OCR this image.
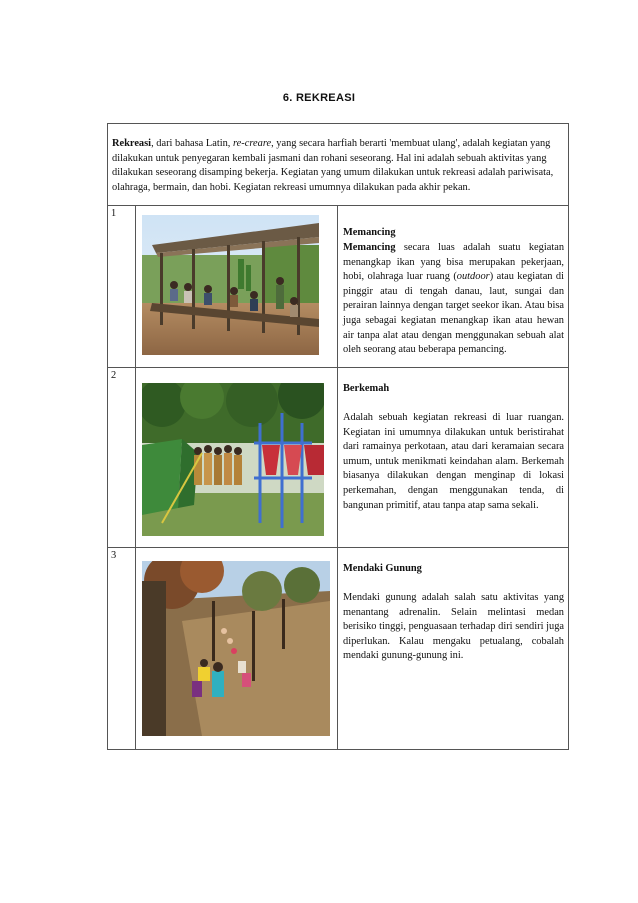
6. REKREASI
Rekreasi, dari bahasa Latin, re-creare, yang secara harfiah berarti 'membuat ulang', adalah kegiatan yang dilakukan untuk penyegaran kembali jasmani dan rohani seseorang. Hal ini adalah sebuah aktivitas yang dilakukan seseorang disamping bekerja. Kegiatan yang umum dilakukan untuk rekreasi adalah pariwisata, olahraga, bermain, dan hobi. Kegiatan rekreasi umumnya dilakukan pada akhir pekan.		
1		Memancing
Memancing secara luas adalah suatu kegiatan menangkap ikan yang bisa merupakan pekerjaan, hobi, olahraga luar ruang (outdoor) atau kegiatan di pinggir atau di tengah danau, laut, sungai dan perairan lainnya dengan target seekor ikan. Atau bisa juga sebagai kegiatan menangkap ikan atau hewan air tanpa alat atau dengan menggunakan sebuah alat oleh seorang atau beberapa pemancing.

2		Berkemah
Adalah sebuah kegiatan rekreasi di luar ruangan. Kegiatan ini umumnya dilakukan untuk beristirahat dari ramainya perkotaan, atau dari keramaian secara umum, untuk menikmati keindahan alam. Berkemah biasanya dilakukan dengan menginap di lokasi perkemahan, dengan menggunakan tenda, di bangunan primitif, atau tanpa atap sama sekali.

3		Mendaki Gunung
Mendaki gunung adalah salah satu aktivitas yang menantang adrenalin. Selain melintasi medan berisiko tinggi, penguasaan terhadap diri sendiri juga diperlukan. Kalau mengaku petualang, cobalah mendaki gunung-gunung ini.
